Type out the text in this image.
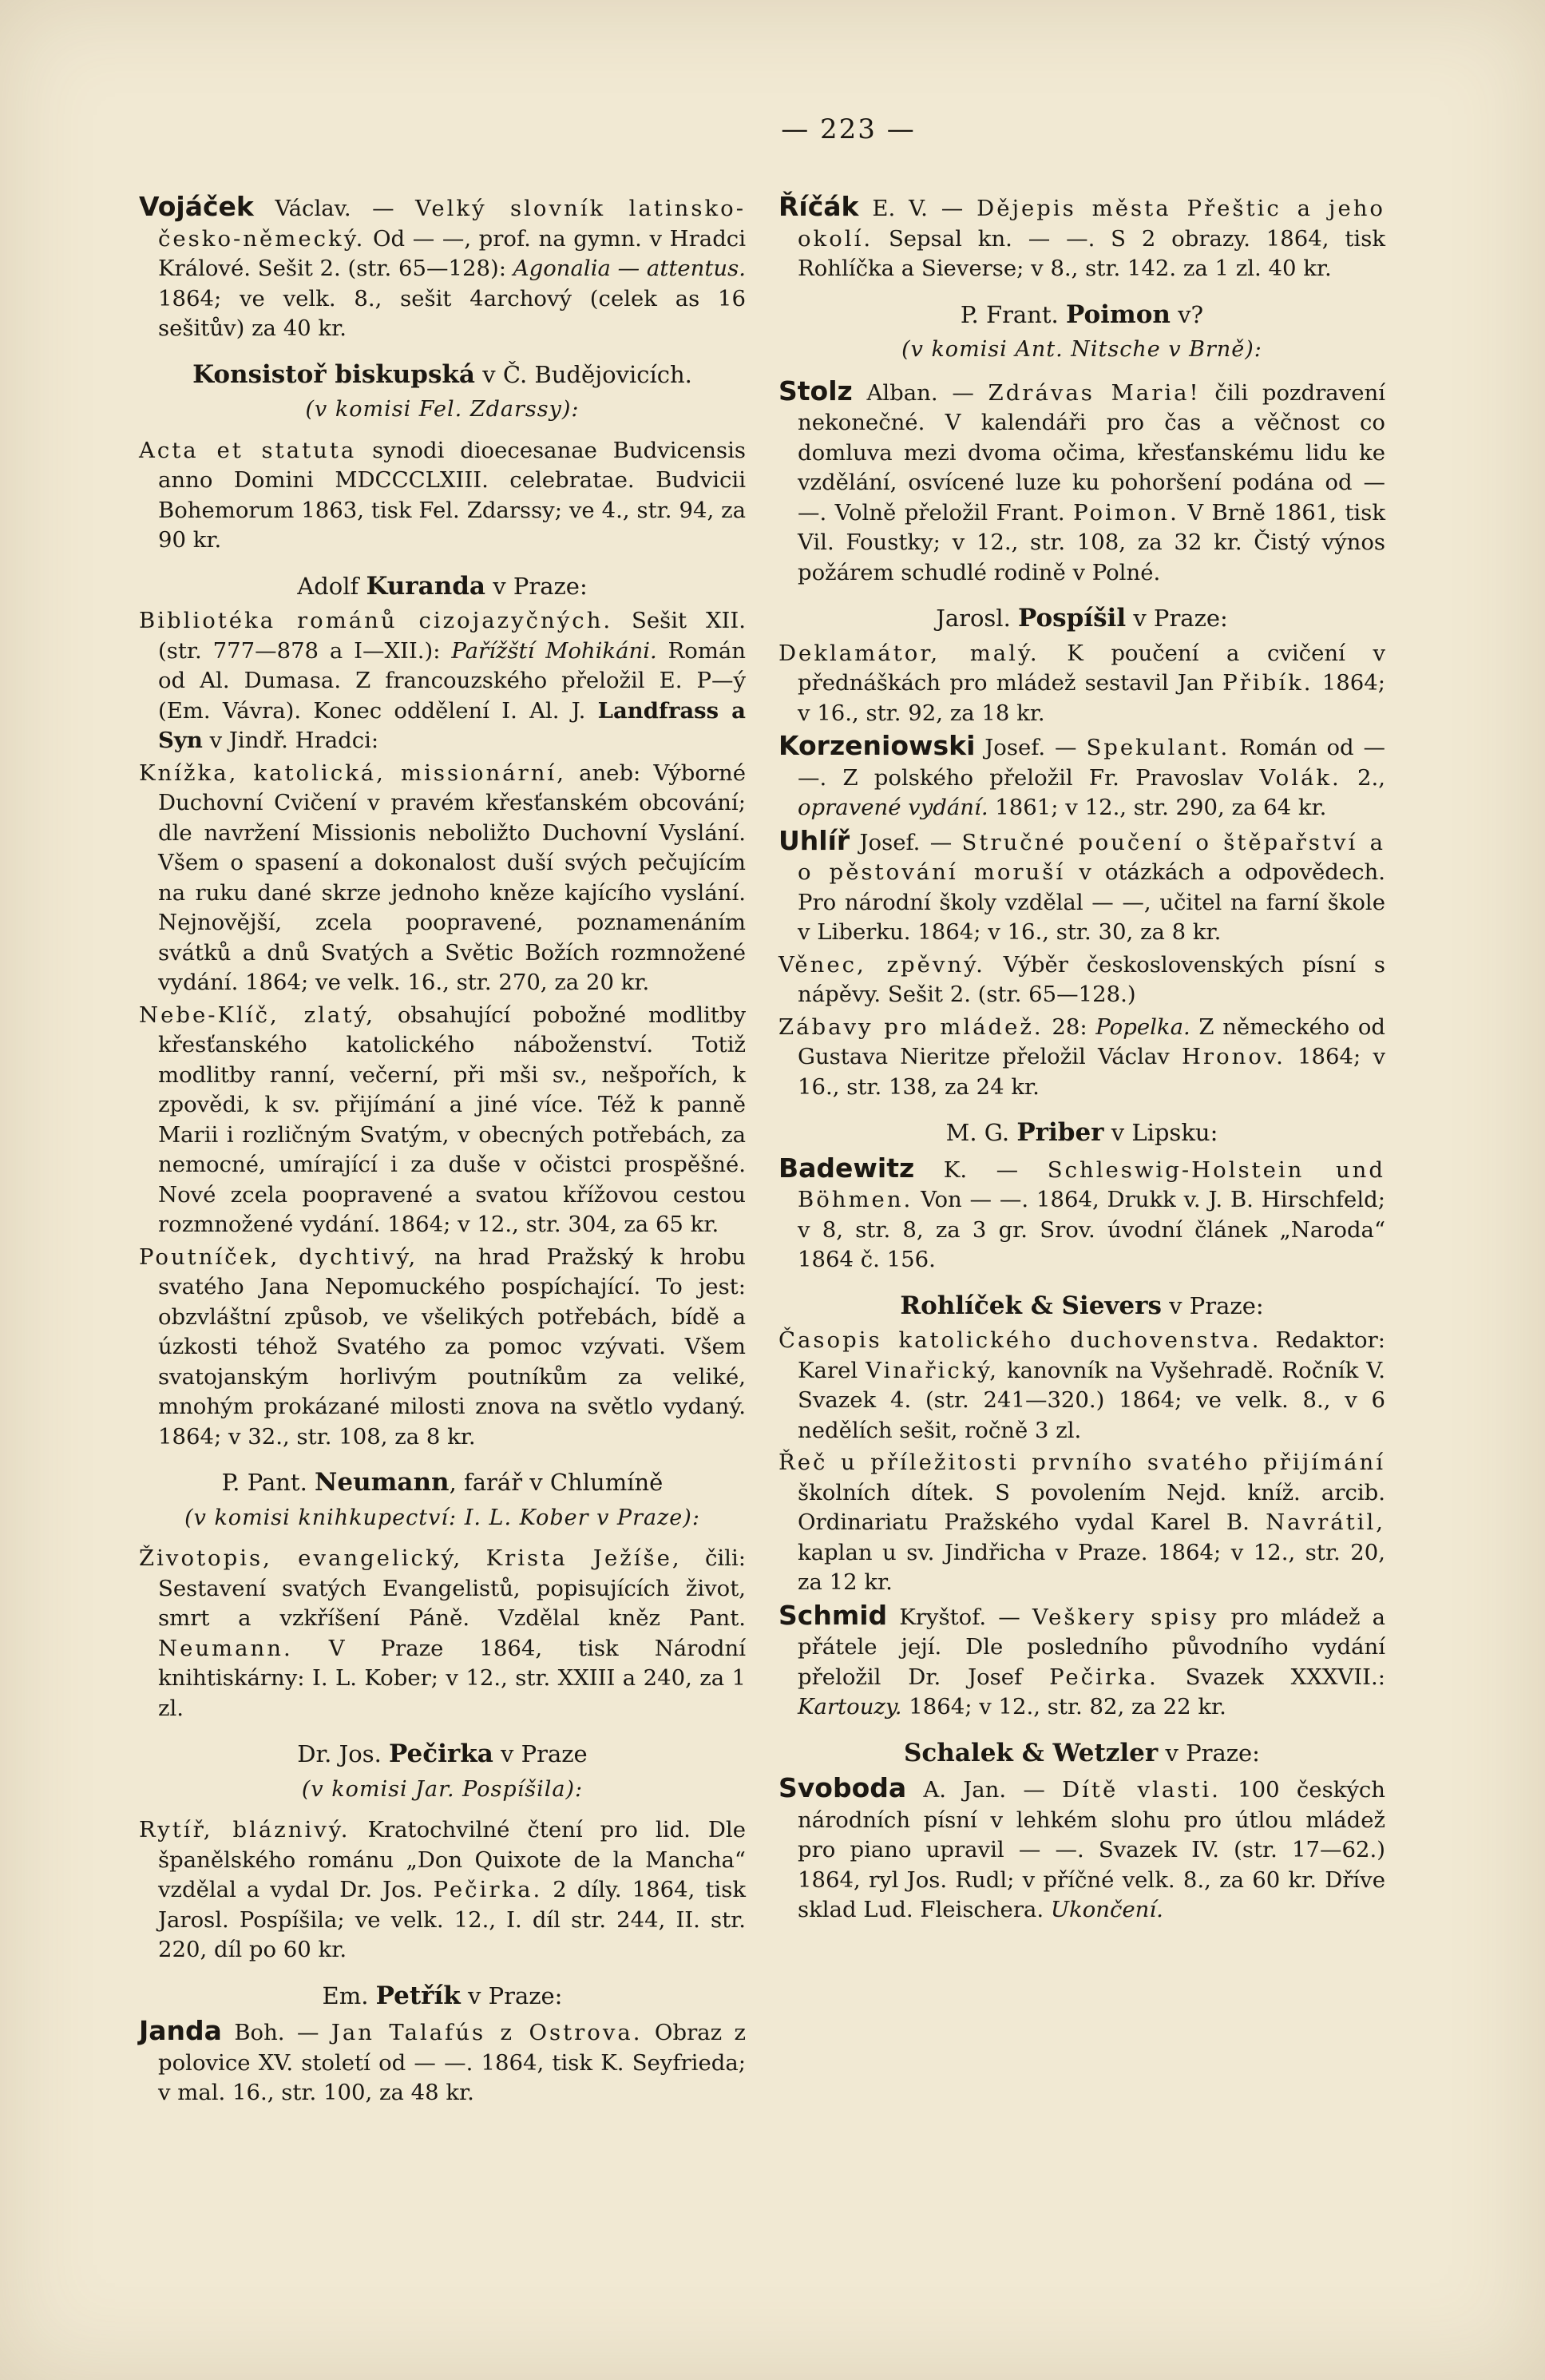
— 223 —
Vojáček Václav. — Velký slovník latinsko-česko-německý. Od — —, prof. na gymn. v Hradci Králové. Sešit 2. (str. 65—128): Agonalia — attentus. 1864; ve velk. 8., sešit 4archový (celek as 16 sešitův) za 40 kr.
Konsistoř biskupská v Č. Budějovicích.
(v komisi Fel. Zdarssy):
Acta et statuta synodi dioecesanae Budvicensis anno Domini MDCCCLXIII. celebratae. Budvicii Bohemorum 1863, tisk Fel. Zdarssy; ve 4., str. 94, za 90 kr.
Adolf Kuranda v Praze:
Bibliotéka románů cizojazyčných. Sešit XII. (str. 777—878 a I—XII.): Pařížští Mohikáni. Román od Al. Dumasa. Z francouzského přeložil E. P—ý (Em. Vávra). Konec oddělení I. Al. J. Landfrass a Syn v Jindř. Hradci:
Knížka, katolická, missionární, aneb: Výborné Duchovní Cvičení v pravém křesťanském obcování; dle navržení Missionis neboližto Duchovní Vyslání. Všem o spasení a dokonalost duší svých pečujícím na ruku dané skrze jednoho kněze kajícího vyslání. Nejnovější, zcela poopravené, poznamenáním svátků a dnů Svatých a Světic Božích rozmnožené vydání. 1864; ve velk. 16., str. 270, za 20 kr.
Nebe-Klíč, zlatý, obsahující pobožné modlitby křesťanského katolického náboženství. Totiž modlitby ranní, večerní, při mši sv., nešpořích, k zpovědi, k sv. přijímání a jiné více. Též k panně Marii i rozličným Svatým, v obecných potřebách, za nemocné, umírající i za duše v očistci prospěšné. Nové zcela poopravené a svatou křížovou cestou rozmnožené vydání. 1864; v 12., str. 304, za 65 kr.
Poutníček, dychtivý, na hrad Pražský k hrobu svatého Jana Nepomuckého pospíchající. To jest: obzvláštní způsob, ve všelikých potřebách, bídě a úzkosti téhož Svatého za pomoc vzývati. Všem svatojanským horlivým poutníkům za veliké, mnohým prokázané milosti znova na světlo vydaný. 1864; v 32., str. 108, za 8 kr.
P. Pant. Neumann, farář v Chlumíně
(v komisi knihkupectví: I. L. Kober v Praze):
Životopis, evangelický, Krista Ježíše, čili: Sestavení svatých Evangelistů, popisujících život, smrt a vzkříšení Páně. Vzdělal kněz Pant. Neumann. V Praze 1864, tisk Národní knihtiskárny: I. L. Kober; v 12., str. XXIII a 240, za 1 zl.
Dr. Jos. Pečirka v Praze
(v komisi Jar. Pospíšila):
Rytíř, bláznivý. Kratochvilné čtení pro lid. Dle španělského románu „Don Quixote de la Mancha“ vzdělal a vydal Dr. Jos. Pečirka. 2 díly. 1864, tisk Jarosl. Pospíšila; ve velk. 12., I. díl str. 244, II. str. 220, díl po 60 kr.
Em. Petřík v Praze:
Janda Boh. — Jan Talafús z Ostrova. Obraz z polovice XV. století od — —. 1864, tisk K. Seyfrieda; v mal. 16., str. 100, za 48 kr.
Říčák E. V. — Dějepis města Přeštic a jeho okolí. Sepsal kn. — —. S 2 obrazy. 1864, tisk Rohlíčka a Sieverse; v 8., str. 142. za 1 zl. 40 kr.
P. Frant. Poimon v?
(v komisi Ant. Nitsche v Brně):
Stolz Alban. — Zdrávas Maria! čili pozdravení nekonečné. V kalendáři pro čas a věčnost co domluva mezi dvoma očima, křesťanskému lidu ke vzdělání, osvícené luze ku pohoršení podána od — —. Volně přeložil Frant. Poimon. V Brně 1861, tisk Vil. Foustky; v 12., str. 108, za 32 kr. Čistý výnos požárem schudlé rodině v Polné.
Jarosl. Pospíšil v Praze:
Deklamátor, malý. K poučení a cvičení v přednáškách pro mládež sestavil Jan Přibík. 1864; v 16., str. 92, za 18 kr.
Korzeniowski Josef. — Spekulant. Román od — —. Z polského přeložil Fr. Pravoslav Volák. 2., opravené vydání. 1861; v 12., str. 290, za 64 kr.
Uhlíř Josef. — Stručné poučení o štěpařství a o pěstování moruší v otázkách a odpovědech. Pro národní školy vzdělal — —, učitel na farní škole v Liberku. 1864; v 16., str. 30, za 8 kr.
Věnec, zpěvný. Výběr československých písní s nápěvy. Sešit 2. (str. 65—128.)
Zábavy pro mládež. 28: Popelka. Z německého od Gustava Nieritze přeložil Václav Hronov. 1864; v 16., str. 138, za 24 kr.
M. G. Priber v Lipsku:
Badewitz K. — Schleswig-Holstein und Böhmen. Von — —. 1864, Drukk v. J. B. Hirschfeld; v 8, str. 8, za 3 gr. Srov. úvodní článek „Naroda“ 1864 č. 156.
Rohlíček & Sievers v Praze:
Časopis katolického duchovenstva. Redaktor: Karel Vinařický, kanovník na Vyšehradě. Ročník V. Svazek 4. (str. 241—320.) 1864; ve velk. 8., v 6 nedělích sešit, ročně 3 zl.
Řeč u příležitosti prvního svatého přijímání školních dítek. S povolením Nejd. kníž. arcib. Ordinariatu Pražského vydal Karel B. Navrátil, kaplan u sv. Jindřicha v Praze. 1864; v 12., str. 20, za 12 kr.
Schmid Kryštof. — Veškery spisy pro mládež a přátele její. Dle posledního původního vydání přeložil Dr. Josef Pečirka. Svazek XXXVII.: Kartouzy. 1864; v 12., str. 82, za 22 kr.
Schalek & Wetzler v Praze:
Svoboda A. Jan. — Dítě vlasti. 100 českých národních písní v lehkém slohu pro útlou mládež pro piano upravil — —. Svazek IV. (str. 17—62.) 1864, ryl Jos. Rudl; v příčné velk. 8., za 60 kr. Dříve sklad Lud. Fleischera. Ukončení.
